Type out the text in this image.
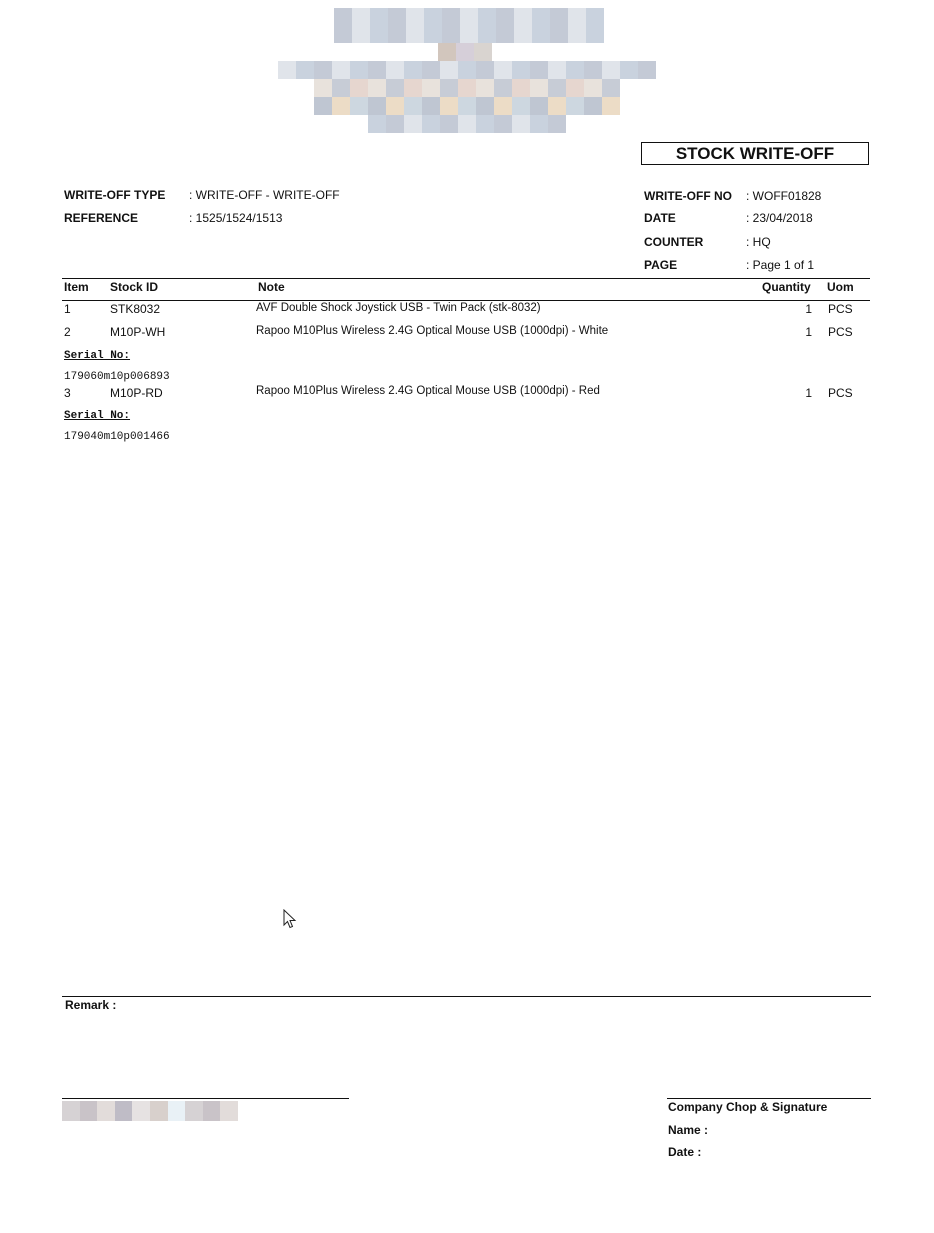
STOCK WRITE-OFF
WRITE-OFF TYPE : WRITE-OFF - WRITE-OFF
REFERENCE	: 1525/1524/1513
WRITE-OFF NO : WOFF01828
DATE	: 23/04/2018
COUNTER	: HQ
PAGE	: Page 1 of 1
Item Stock ID	Note	Quantity Uom
1	STK8032	AVF Double Shock Joystick USB - Twin Pack (stk-8032)	1 PCS
2	M10P-WH	Rapoo M10Plus Wireless 2.4G Optical Mouse USB (1000dpi) - White	1 PCS
Serial No:
179060m10p006893
3	M10P-RD	Rapoo M10Plus Wireless 2.4G Optical Mouse USB (1000dpi) - Red	1 PCS
Serial No:
179040m10p001466
Remark :
Company Chop & Signature
Name :
Date :
